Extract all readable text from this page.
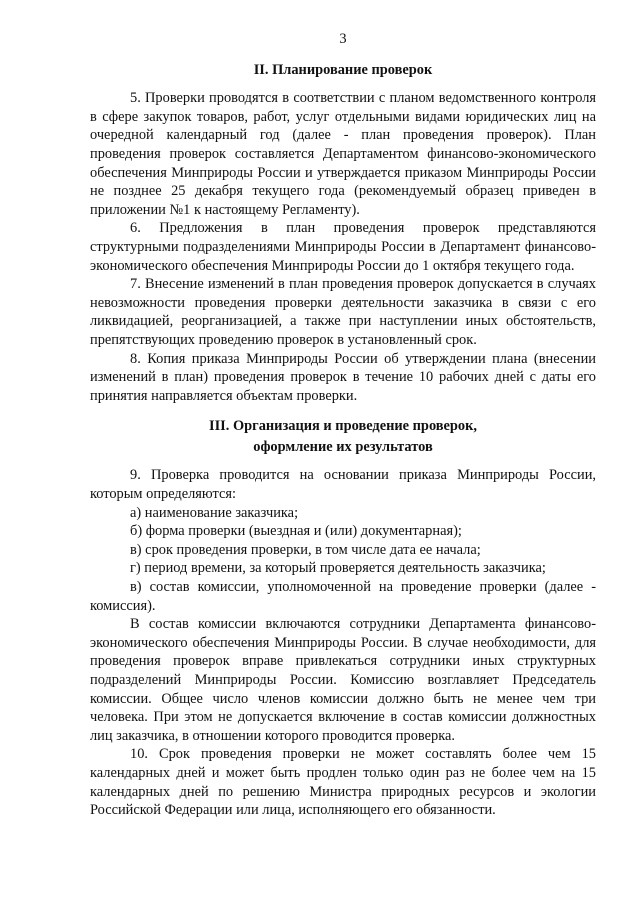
3
II. Планирование проверок

5. Проверки проводятся в соответствии с планом ведомственного контроля в сфере закупок товаров, работ, услуг отдельными видами юридических лиц на очередной календарный год (далее - план проведения проверок). План проведения проверок составляется Департаментом финансово-экономического обеспечения Минприроды России и утверждается приказом Минприроды России не позднее 25 декабря текущего года (рекомендуемый образец приведен в приложении №1 к настоящему Регламенту).

6. Предложения в план проведения проверок представляются структурными подразделениями Минприроды России в Департамент финансово-экономического обеспечения Минприроды России до 1 октября текущего года.

7. Внесение изменений в план проведения проверок допускается в случаях невозможности проведения проверки деятельности заказчика в связи с его ликвидацией, реорганизацией, а также при наступлении иных обстоятельств, препятствующих проведению проверок в установленный срок.

8. Копия приказа Минприроды России об утверждении плана (внесении изменений в план) проведения проверок в течение 10 рабочих дней с даты его принятия направляется объектам проверки.

III. Организация и проведение проверок,
оформление их результатов

9. Проверка проводится на основании приказа Минприроды России, которым определяются:

а) наименование заказчика;

б) форма проверки (выездная и (или) документарная);

в) срок проведения проверки, в том числе дата ее начала;

г) период времени, за который проверяется деятельность заказчика;

в) состав комиссии, уполномоченной на проведение проверки (далее - комиссия).

В состав комиссии включаются сотрудники Департамента финансово-экономического обеспечения Минприроды России. В случае необходимости, для проведения проверок вправе привлекаться сотрудники иных структурных подразделений Минприроды России. Комиссию возглавляет Председатель комиссии. Общее число членов комиссии должно быть не менее чем три человека. При этом не допускается включение в состав комиссии должностных лиц заказчика, в отношении которого проводится проверка.

10. Срок проведения проверки не может составлять более чем 15 календарных дней и может быть продлен только один раз не более чем на 15 календарных дней по решению Министра природных ресурсов и экологии Российской Федерации или лица, исполняющего его обязанности.
